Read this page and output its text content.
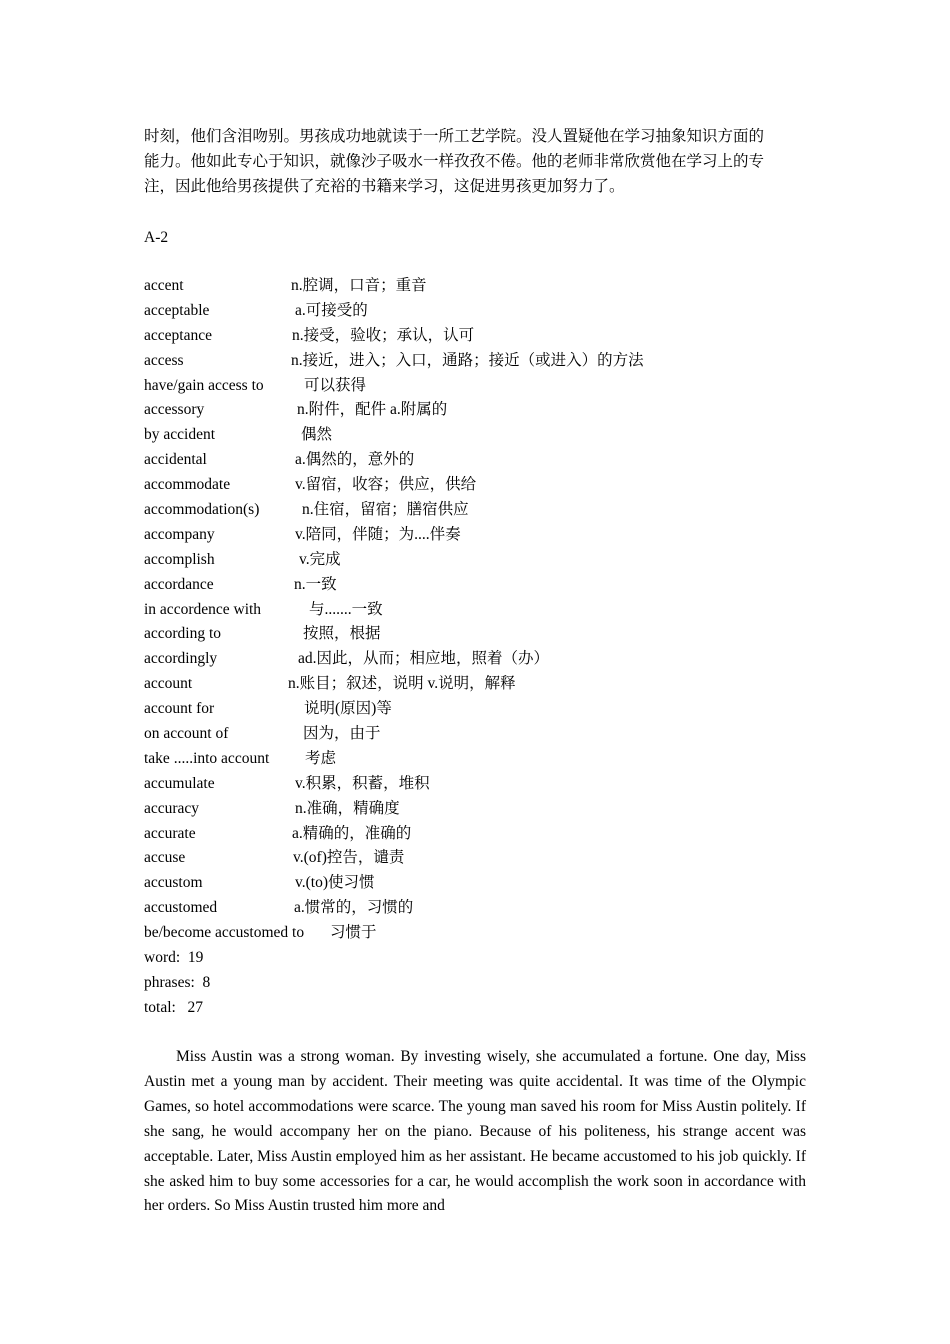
时刻，他们含泪吻别。男孩成功地就读于一所工艺学院。没人置疑他在学习抽象知识方面的
能力。他如此专心于知识，就像沙子吸水一样孜孜不倦。他的老师非常欣赏他在学习上的专
注，因此他给男孩提供了充裕的书籍来学习，这促进男孩更加努力了。

A-2

accent	n.腔调，口音；重音
acceptable	a.可接受的
acceptance	n.接受，验收；承认，认可
access	n.接近，进入；入口，通路；接近（或进入）的方法
have/gain access to	可以获得
accessory	n.附件，配件 a.附属的
by accident	偶然
accidental	a.偶然的，意外的
accommodate	v.留宿，收容；供应，供给
accommodation(s)	n.住宿，留宿；膳宿供应
accompany	v.陪同，伴随；为....伴奏
accomplish	v.完成
accordance	n.一致
in accordence with	与.......一致
according to	按照，根据
accordingly	ad.因此，从而；相应地，照着（办）
account	n.账目；叙述，说明 v.说明，解释
account for	说明(原因)等
on account of	因为，由于
take .....into account 考虑
accumulate	v.积累，积蓄，堆积
accuracy	n.准确，精确度
accurate	a.精确的，准确的
accuse	v.(of)控告，谴责
accustom	v.(to)使习惯
accustomed	a.惯常的，习惯的
be/become accustomed to 习惯于
word: 19
phrases: 8
total: 27

Miss Austin was a strong woman. By investing wisely, she accumulated a fortune. One day, Miss Austin met a young man by accident. Their meeting was quite accidental. It was time of the Olympic Games, so hotel accommodations were scarce. The young man saved his room for Miss Austin politely. If she sang, he would accompany her on the piano. Because of his politeness, his strange accent was acceptable. Later, Miss Austin employed him as her assistant. He became accustomed to his job quickly. If she asked him to buy some accessories for a car, he would accomplish the work soon in accordance with her orders. So Miss Austin trusted him more and
